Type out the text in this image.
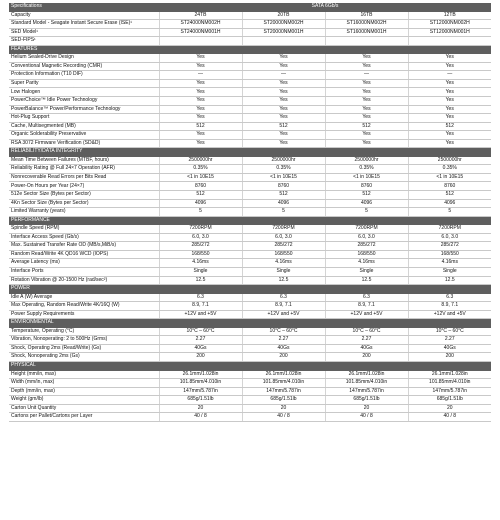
Specifications	SATA 6Gb/s			
Capacity	24TB	20TB	16TB	12TB
Standard Model - Seagate Instant Secure Erase (ISE)¹	ST24000NM002H	ST20000NM002H	ST16000NM002H	ST12000NM002H
SED Model¹	ST24000NM001H	ST20000NM001H	ST16000NM001H	ST12000NM001H
SED-FIPS¹				
FEATURES				
Helium Sealed-Drive Design	Yes	Yes	Yes	Yes
Conventional Magnetic Recording (CMR)	Yes	Yes	Yes	Yes
Protection Information (T10 DIF)	—	—	—	—
Super Parity	Yes	Yes	Yes	Yes
Low Halogen	Yes	Yes	Yes	Yes
PowerChoice™ Idle Power Technology	Yes	Yes	Yes	Yes
PowerBalance™ Power/Performance Technology	Yes	Yes	Yes	Yes
Hot-Plug Support	Yes	Yes	Yes	Yes
Cache, Multisegmented (MB)	512	512	512	512
Organic Solderability Preservative	Yes	Yes	Yes	Yes
RSA 3072 Firmware Verification (SD&D)	Yes	Yes	Yes	Yes
RELIABILITY/DATA INTEGRITY				
Mean Time Between Failures (MTBF, hours)	2500000hr	2500000hr	2500000hr	2500000hr
Reliability Rating @ Full 24×7 Operation (AFR)	0.35%	0.35%	0.35%	0.35%
Nonrecoverable Read Errors per Bits Read	<1 in 10E15	<1 in 10E15	<1 in 10E15	<1 in 10E15
Power-On Hours per Year (24×7)	8760	8760	8760	8760
512e Sector Size (Bytes per Sector)	512	512	512	512
4Kn Sector Size (Bytes per Sector)	4096	4096	4096	4096
Limited Warranty (years)	5	5	5	5
PERFORMANCE				
Spindle Speed (RPM)	7200RPM	7200RPM	7200RPM	7200RPM
Interface Access Speed (Gb/s)	6.0, 3.0	6.0, 3.0	6.0, 3.0	6.0, 3.0
Max. Sustained Transfer Rate OD (MB/s,MiB/s)	285/272	285/272	285/272	285/272
Random Read/Write 4K QD16 WCD (IOPS)	168/550	168/550	168/550	168/550
Average Latency (ms)	4.16ms	4.16ms	4.16ms	4.16ms
Interface Ports	Single	Single	Single	Single
Rotation Vibration @ 20-1500 Hz (rad/sec²)	12.5	12.5	12.5	12.5
POWER				
Idle A (W) Average	6.3	6.3	6.3	6.3
Max Operating, Random Read/Write 4K/16Q (W)	8.9, 7.1	8.9, 7.1	8.9, 7.1	8.9, 7.1
Power Supply Requirements	+12V and +5V	+12V and +5V	+12V and +5V	+12V and +5V
ENVIRONMENTAL				
Temperature, Operating (°C)	10°C – 60°C	10°C – 60°C	10°C – 60°C	10°C – 60°C
Vibration, Nonoperating: 2 to 500Hz (Grms)	2.27	2.27	2.27	2.27
Shock, Operating 2ms (Read/Write) (Gs)	40Gs	40Gs	40Gs	40Gs
Shock, Nonoperating 2ms (Gs)	200	200	200	200
PHYSICAL				
Height (mm/in, max)	26.1mm/1.028in	26.1mm/1.028in	26.1mm/1.028in	26.1mm/1.028in
Width (mm/in, max)	101.85mm/4.010in	101.85mm/4.010in	101.85mm/4.010in	101.85mm/4.010in
Depth (mm/in, max)	147mm/5.787in	147mm/5.787in	147mm/5.787in	147mm/5.787in
Weight (gm/lb)	685g/1.51lb	685g/1.51lb	685g/1.51lb	685g/1.51lb
Carton Unit Quantity	20	20	20	20
Cartons per Pallet/Cartons per Layer	40 / 8	40 / 8	40 / 8	40 / 8
